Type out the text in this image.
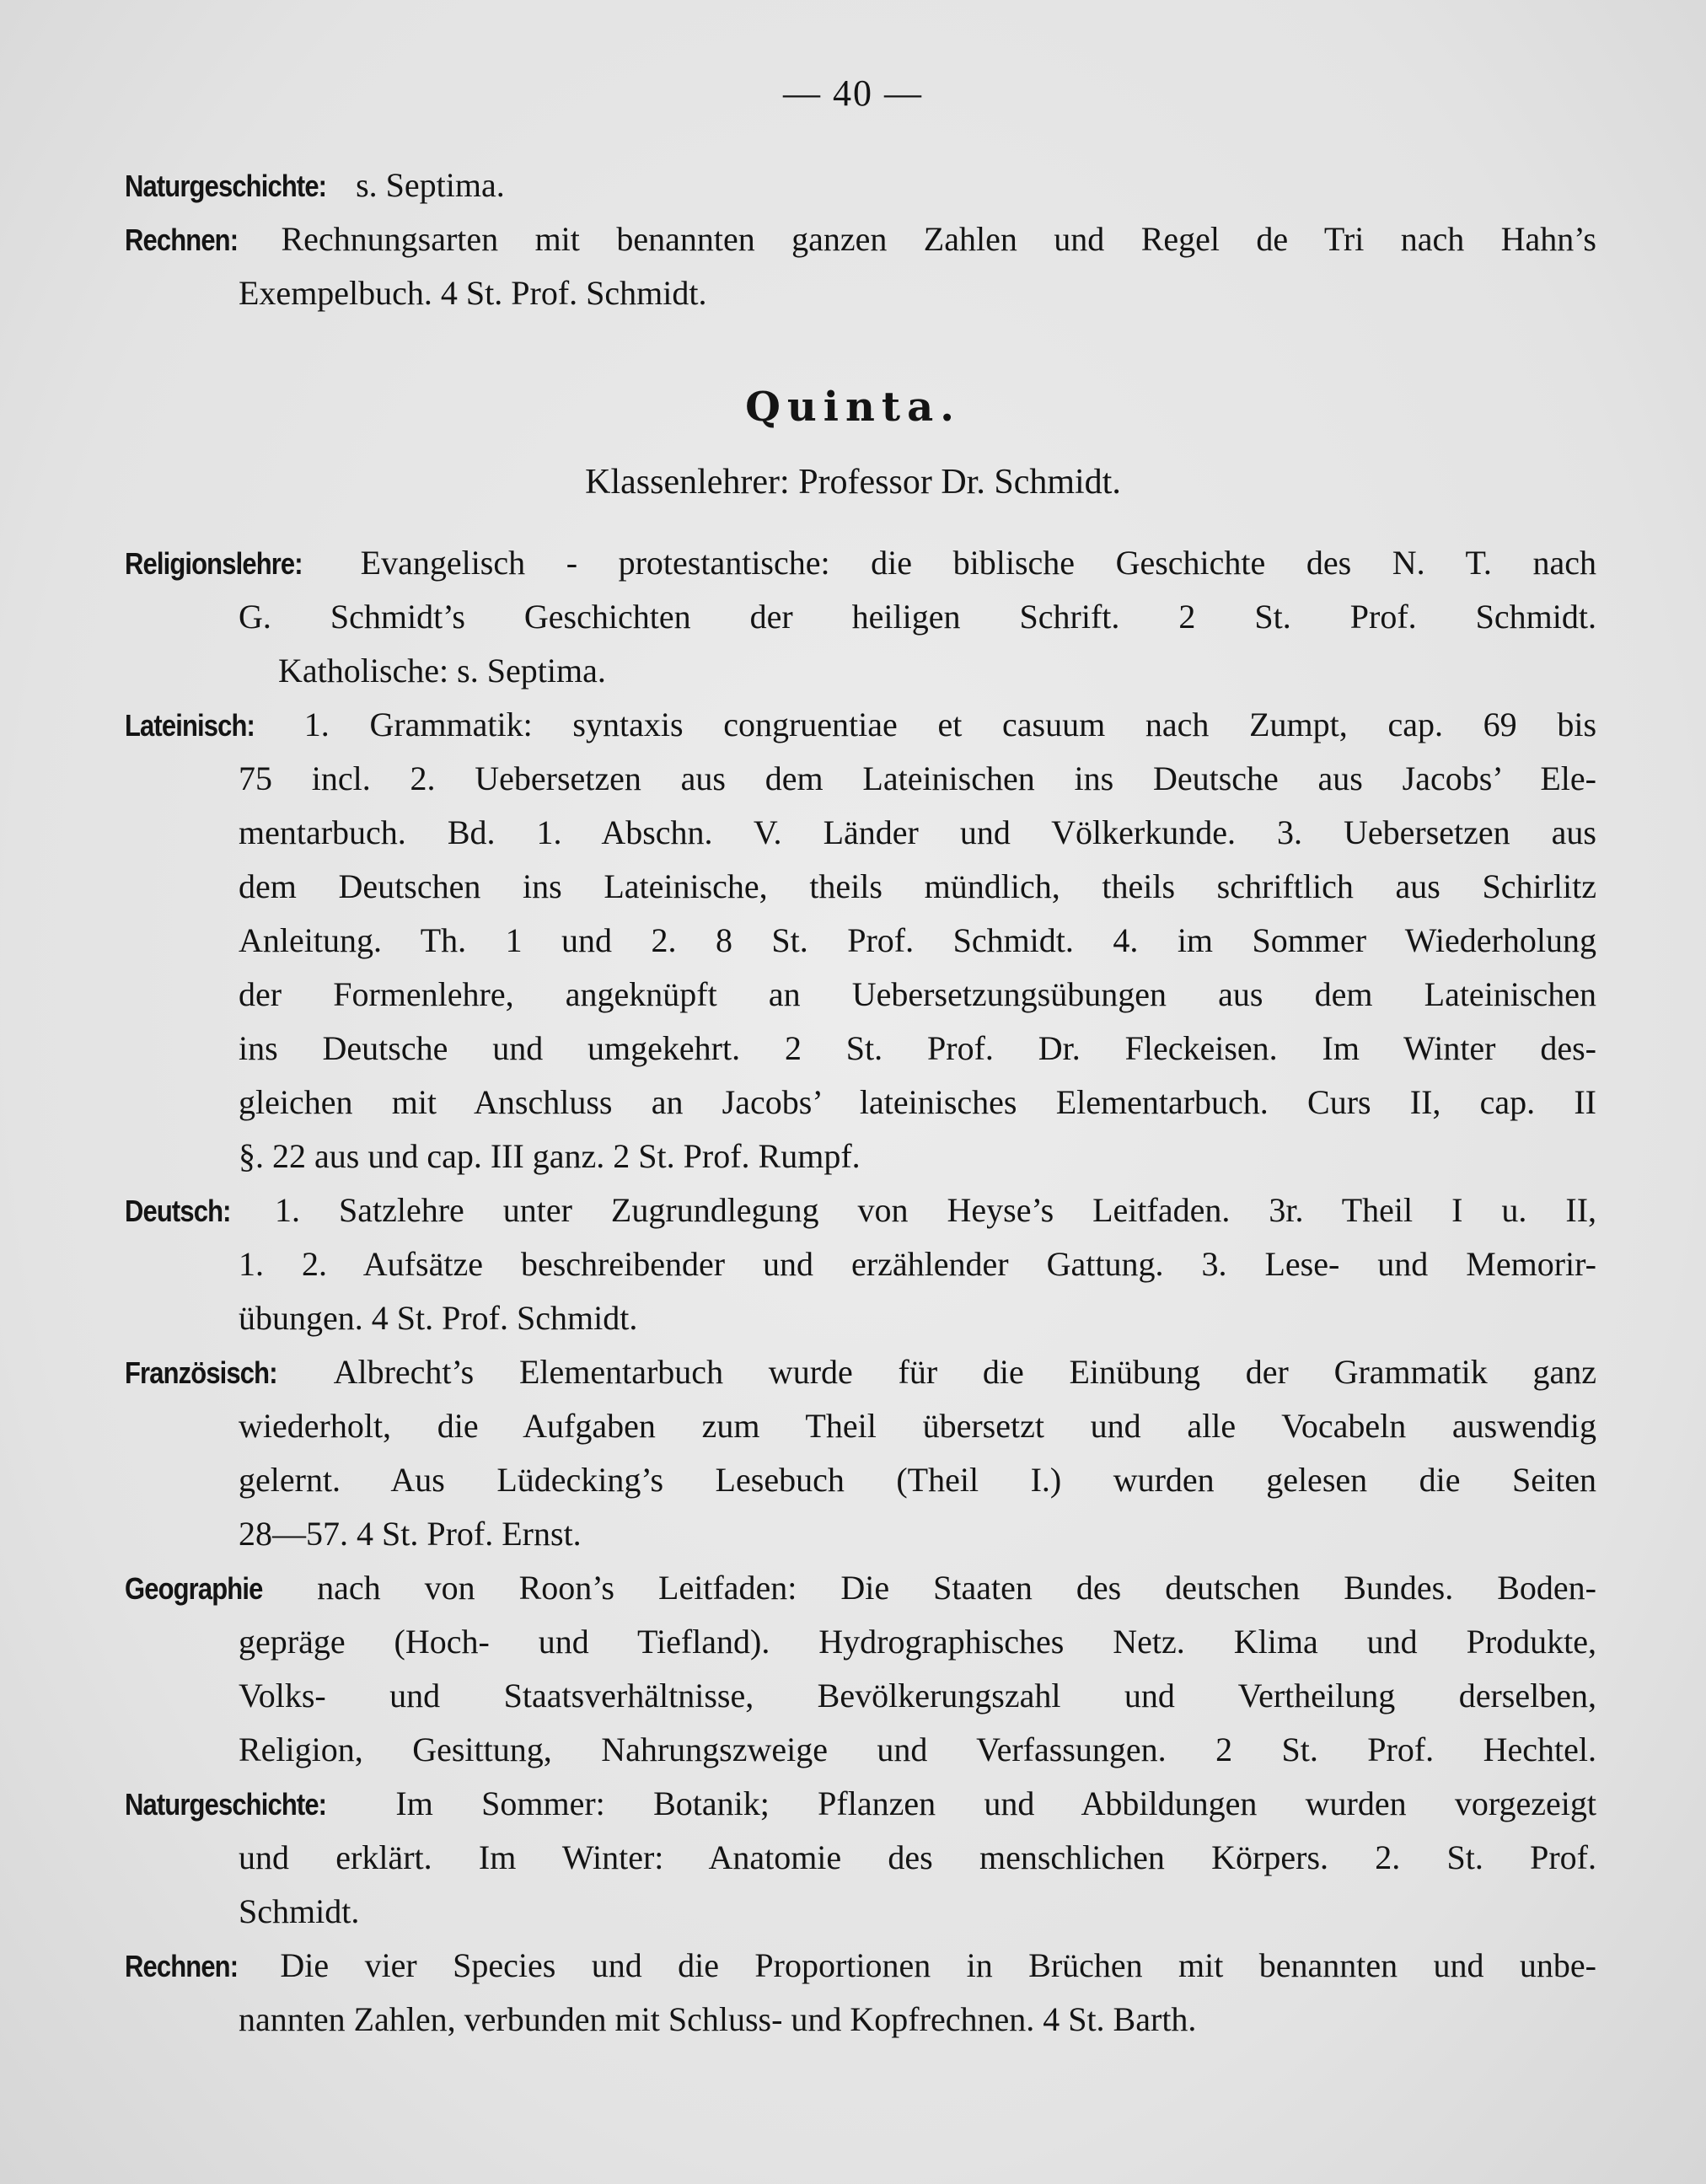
— 40 —
Naturgeschichte: s. Septima.
Rechnen: Rechnungsarten mit benannten ganzen Zahlen und Regel de Tri nach Hahn’s
Exempelbuch. 4 St. Prof. Schmidt.
Quinta.
Klassenlehrer: Professor Dr. Schmidt.
Religionslehre: Evangelisch - protestantische: die biblische Geschichte des N. T. nach
G. Schmidt’s Geschichten der heiligen Schrift. 2 St. Prof. Schmidt.
Katholische: s. Septima.
Lateinisch: 1. Grammatik: syntaxis congruentiae et casuum nach Zumpt, cap. 69 bis
75 incl. 2. Uebersetzen aus dem Lateinischen ins Deutsche aus Jacobs’ Ele-
mentarbuch. Bd. 1. Abschn. V. Länder und Völkerkunde. 3. Uebersetzen aus
dem Deutschen ins Lateinische, theils mündlich, theils schriftlich aus Schirlitz
Anleitung. Th. 1 und 2. 8 St. Prof. Schmidt. 4. im Sommer Wiederholung
der Formenlehre, angeknüpft an Uebersetzungsübungen aus dem Lateinischen
ins Deutsche und umgekehrt. 2 St. Prof. Dr. Fleckeisen. Im Winter des-
gleichen mit Anschluss an Jacobs’ lateinisches Elementarbuch. Curs II, cap. II
§. 22 aus und cap. III ganz. 2 St. Prof. Rumpf.
Deutsch: 1. Satzlehre unter Zugrundlegung von Heyse’s Leitfaden. 3r. Theil I u. II,
1. 2. Aufsätze beschreibender und erzählender Gattung. 3. Lese- und Memorir-
übungen. 4 St. Prof. Schmidt.
Französisch: Albrecht’s Elementarbuch wurde für die Einübung der Grammatik ganz
wiederholt, die Aufgaben zum Theil übersetzt und alle Vocabeln auswendig
gelernt. Aus Lüdecking’s Lesebuch (Theil I.) wurden gelesen die Seiten
28—57. 4 St. Prof. Ernst.
Geographie nach von Roon’s Leitfaden: Die Staaten des deutschen Bundes. Boden-
gepräge (Hoch- und Tiefland). Hydrographisches Netz. Klima und Produkte,
Volks- und Staatsverhältnisse, Bevölkerungszahl und Vertheilung derselben,
Religion, Gesittung, Nahrungszweige und Verfassungen. 2 St. Prof. Hechtel.
Naturgeschichte: Im Sommer: Botanik; Pflanzen und Abbildungen wurden vorgezeigt
und erklärt. Im Winter: Anatomie des menschlichen Körpers. 2. St. Prof.
Schmidt.
Rechnen: Die vier Species und die Proportionen in Brüchen mit benannten und unbe-
nannten Zahlen, verbunden mit Schluss- und Kopfrechnen. 4 St. Barth.
